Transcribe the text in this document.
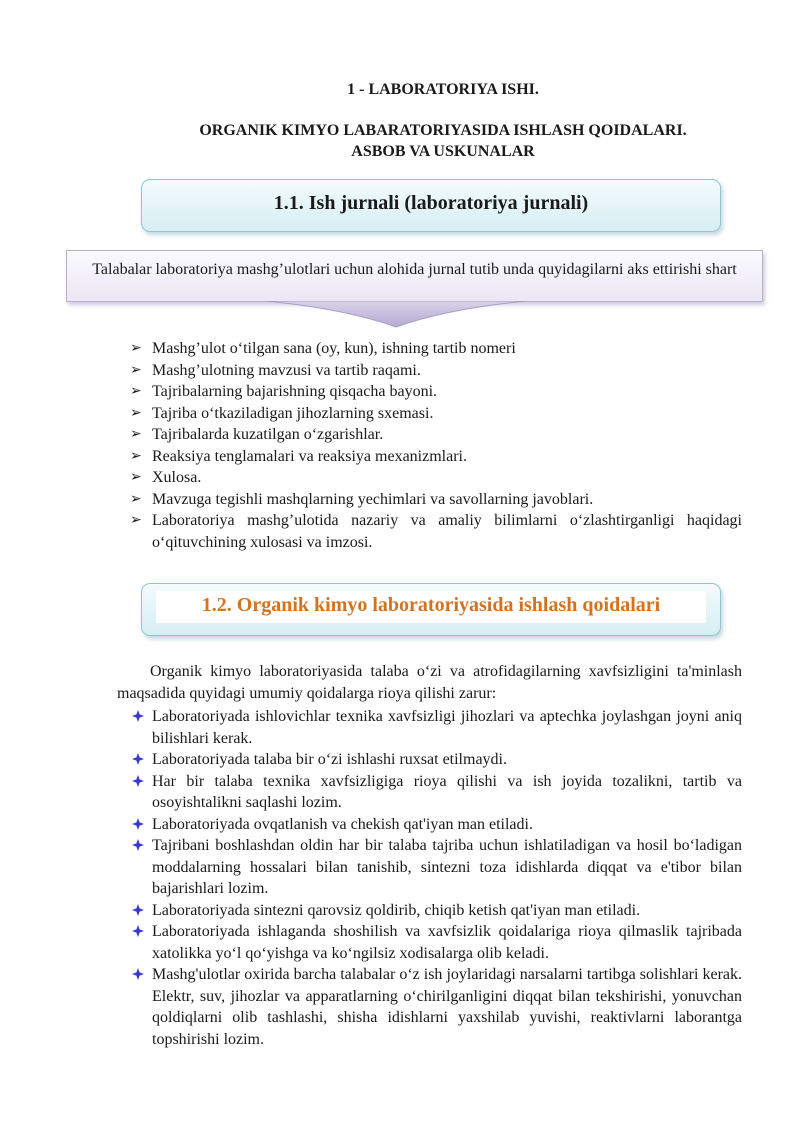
1 - LABORATORIYA ISHI.
ORGANIK KIMYO LABARATORIYASIDA ISHLASH QOIDALARI.
ASBOB VA USKUNALAR
1.1. Ish jurnali (laboratoriya jurnali)
Talabalar laboratoriya mashg’ulotlari uchun alohida jurnal tutib unda quyidagilarni aks ettirishi shart
➢ Mashg’ulot o‘tilgan sana (oy, kun), ishning tartib nomeri
➢ Mashg’ulotning mavzusi va tartib raqami.
➢ Tajribalarning bajarishning qisqacha bayoni.
➢ Tajriba o‘tkaziladigan jihozlarning sxemasi.
➢ Tajribalarda kuzatilgan o‘zgarishlar.
➢ Reaksiya tenglamalari va reaksiya mexanizmlari.
➢ Xulosa.
➢ Mavzuga tegishli mashqlarning yechimlari va savollarning javoblari.
➢ Laboratoriya mashg’ulotida nazariy va amaliy bilimlarni o‘zlashtirganligi haqidagi o‘qituvchining xulosasi va imzosi.
1.2. Organik kimyo laboratoriyasida ishlash qoidalari

Organik kimyo laboratoriyasida talaba o‘zi va atrofidagilarning xavfsizligini ta'minlash maqsadida quyidagi umumiy qoidalarga rioya qilishi zarur:

Laboratoriyada ishlovichlar texnika xavfsizligi jihozlari va aptechka joylashgan joyni aniq bilishlari kerak.
Laboratoriyada talaba bir o‘zi ishlashi ruxsat etilmaydi.
Har bir talaba texnika xavfsizligiga rioya qilishi va ish joyida tozalikni, tartib va osoyishtalikni saqlashi lozim.
Laboratoriyada ovqatlanish va chekish qat'iyan man etiladi.
Tajribani boshlashdan oldin har bir talaba tajriba uchun ishlatiladigan va hosil bo‘ladigan moddalarning hossalari bilan tanishib, sintezni toza idishlarda diqqat va e'tibor bilan bajarishlari lozim.
Laboratoriyada sintezni qarovsiz qoldirib, chiqib ketish qat'iyan man etiladi.
Laboratoriyada ishlaganda shoshilish va xavfsizlik qoidalariga rioya qilmaslik tajribada xatolikka yo‘l qo‘yishga va ko‘ngilsiz xodisalarga olib keladi.
Mashg'ulotlar oxirida barcha talabalar o‘z ish joylaridagi narsalarni tartibga solishlari kerak. Elektr, suv, jihozlar va apparatlarning o‘chirilganligini diqqat bilan tekshirishi, yonuvchan qoldiqlarni olib tashlashi, shisha idishlarni yaxshilab yuvishi, reaktivlarni laborantga topshirishi lozim.
